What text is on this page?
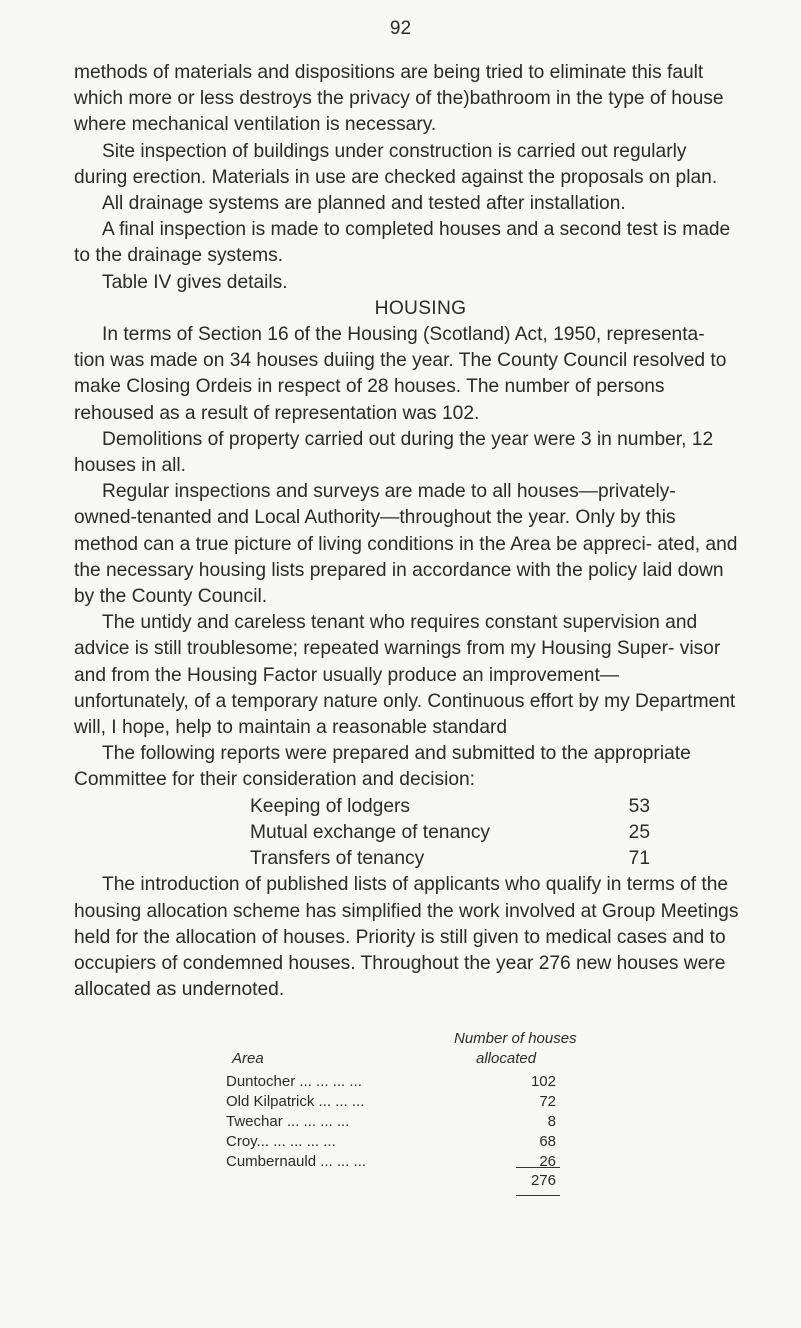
92

methods of materials and dispositions are being tried to eliminate this fault which more or less destroys the privacy of the)bathroom in the type of house where mechanical ventilation is necessary.

Site inspection of buildings under construction is carried out regularly during erection. Materials in use are checked against the proposals on plan.

All drainage systems are planned and tested after installation.

A final inspection is made to completed houses and a second test is made to the drainage systems.

Table IV gives details.

HOUSING

In terms of Section 16 of the Housing (Scotland) Act, 1950, representa- tion was made on 34 houses duiing the year. The County Council resolved to make Closing Ordeis in respect of 28 houses. The number of persons rehoused as a result of representation was 102.

Demolitions of property carried out during the year were 3 in number, 12 houses in all.

Regular inspections and surveys are made to all houses—privately- owned-tenanted and Local Authority—throughout the year. Only by this method can a true picture of living conditions in the Area be appreci- ated, and the necessary housing lists prepared in accordance with the policy laid down by the County Council.

The untidy and careless tenant who requires constant supervision and advice is still troublesome; repeated warnings from my Housing Super- visor and from the Housing Factor usually produce an improvement— unfortunately, of a temporary nature only. Continuous effort by my Department will, I hope, help to maintain a reasonable standard

The following reports were prepared and submitted to the appropriate Committee for their consideration and decision:

Keeping of lodgers	53
Mutual exchange of tenancy	25
Transfers of tenancy	71

The introduction of published lists of applicants who qualify in terms of the housing allocation scheme has simplified the work involved at Group Meetings held for the allocation of houses. Priority is still given to medical cases and to occupiers of condemned houses. Throughout the year 276 new houses were allocated as undernoted.

Number of houses
Area	allocated
Duntocher ... ... ... ...	102
Old Kilpatrick ... ... ...	72
Twechar ... ... ... ...	8
Croy... ... ... ... ...	68
Cumbernauld ... ... ...	26
276
